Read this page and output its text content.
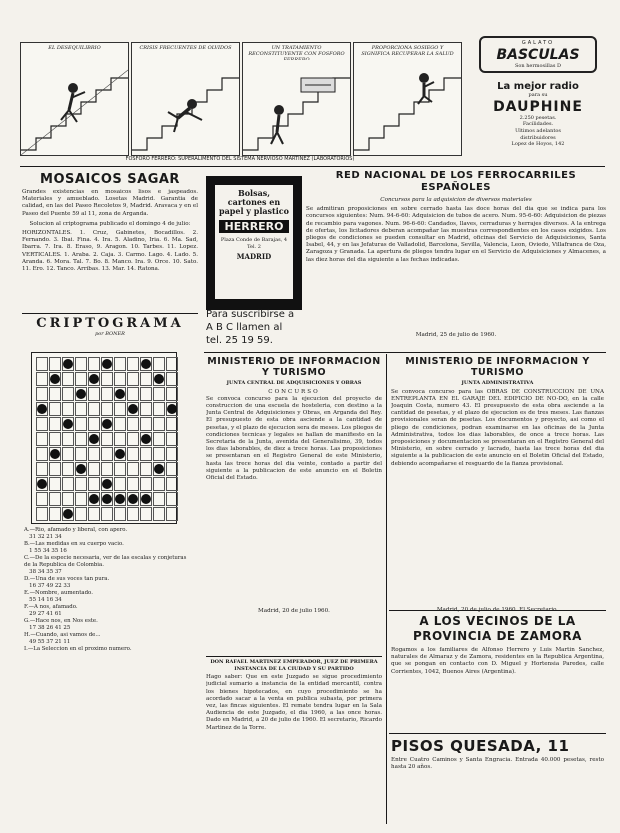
EL DESEQUILIBRIO	CRISIS FRECUENTES DE OLVIDOS	UN TRATAMIENTO RECONSTITUYENTE CON FOSFORO FERRERO
PROPORCIONA SOSIEGO Y SIGNIFICA RECUPERAR LA SALUD
FOSFORO FERRERO: SUPERALIMENTO DEL SISTEMA NERVIOSO MARTINEZ (LABORATORIOS)
GALATO
BASCULAS
Son hermosillas D
La mejor radio
para su
DAUPHINE
2.250 pesetas.
Facilidades.
Ultimos adelantos
distribuidores
Lopez de Hoyos, 142
MOSAICOS SAGAR
Grandes existencias en mosaicos lisos e jaspeados. Materiales y amueblado. Losetas Madrid. Garantia de calidad, en las del Paseo Recoletos 9, Madrid. Aravaca y en el Paseo del Puente 59 al 11, zona de Arganda.
Solucion al criptograma publicado el domingo 4 de julio:
HORIZONTALES. 1. Cruz, Gabinetes, Bocadillos. 2. Fernando. 3. Ibai. Fina. 4. Ira. 5. Aladino, Iria. 6. Ma. Sad, Ibarra. 7. Ira. 8. Eraso, 9. Aragon. 10. Tarbes. 11. Lopez. VERTICALES. 1. Araba. 2. Caja. 3. Carmo. Lago. 4. Lado. 5. Aranda. 6. Mora. Tal. 7. Bo. 8. Manco. Ira. 9. Orce. 10. Sato. 11. Ero. 12. Tanco. Arribas. 13. Mar. 14. Ratona.
CRIPTOGRAMA
por BONER
A.—Rio, afamado y liberal, con apero.
31 32 21 34
B.—Las medidas en su cuerpo vacio.
1 55 34 35 16
C.—De la especie necesaria, ver de las escalas y conjeturas de la Republica de Colombia.
38 34 35 37
D.—Una de sus voces tan pura.
16 37 49 22 33
E.—Nombre, aumentado.
55 14 16 34
F.—A nos, afamado.
29 27 41 61
G.—Hace nos, en Nos este.
17 38 26 41 25
H.—Cuando, asi vamos de...
49 55 37 21 11
I.—La Seleccion en el proximo numero.
Bolsas, cartones en papel y plastico
HERRERO
Plaza Conde de Barajas, 4
Tel. 2
MADRID
Para suscribirse a A B C llamen al tel. 25 19 59.
RED NACIONAL DE LOS FERROCARRILES ESPAÑOLES
Concursos para la adquisicion de diversos materiales
Se admitiran proposiciones en sobre cerrado hasta las doce horas del dia que se indica para los concursos siguientes: Num. 94-6-60: Adquisicion de tubos de acero. Num. 95-6-60: Adquisicion de piezas de recambio para vagones. Num. 96-6-60: Candados, llaves, cerraduras y herrajes diversos. A la entrega de ofertas, los licitadores deberan acompañar las muestras correspondientes en los casos exigidos. Los pliegos de condiciones se pueden consultar en Madrid, oficinas del Servicio de Adquisiciones, Santa Isabel, 44, y en las Jefaturas de Valladolid, Barcelona, Sevilla, Valencia, Leon, Oviedo, Villafranca de Oza, Zaragoza y Granada. La apertura de pliegos tendra lugar en el Servicio de Adquisiciones y Almacenes, a las diez horas del dia siguiente a las fechas indicadas.
Madrid, 25 de julio de 1960.
MINISTERIO DE INFORMACION Y TURISMO
JUNTA CENTRAL DE ADQUISICIONES Y OBRAS
CONCURSO
Se convoca concurso para la ejecucion del proyecto de construccion de una escuela de hosteleria, con destino a la Junta Central de Adquisiciones y Obras, en Arganda del Rey. El presupuesto de esta obra asciende a la cantidad de pesetas, y el plazo de ejecucion sera de meses. Los pliegos de condiciones tecnicas y legales se hallan de manifiesto en la Secretaria de la Junta, avenida del Generalisimo, 39, todos los dias laborables, de diez a trece horas. Las proposiciones se presentaran en el Registro General de este Ministerio, hasta las trece horas del dia veinte, contado a partir del siguiente a la publicacion de este anuncio en el Boletin Oficial del Estado.
Madrid, 20 de julio 1960.
DON RAFAEL MARTINEZ EMPERADOR, JUEZ DE PRIMERA INSTANCIA DE LA CIUDAD Y SU PARTIDO
Hago saber: Que en este Juzgado se sigue procedimiento judicial sumario a instancia de la entidad mercantil, contra los bienes hipotecados, en cuyo procedimiento se ha acordado sacar a la venta en publica subasta, por primera vez, las fincas siguientes. El remate tendra lugar en la Sala Audiencia de este Juzgado, el dia 1960, a las once horas. Dado en Madrid, a 20 de julio de 1960. El secretario, Ricardo Martinez de la Torre.
MINISTERIO DE INFORMACION Y TURISMO
JUNTA ADMINISTRATIVA
Se convoca concurso para las OBRAS DE CONSTRUCCION DE UNA ENTREPLANTA EN EL GARAJE DEL EDIFICIO DE NO-DO, en la calle Joaquin Costa, numero 43. El presupuesto de esta obra asciende a la cantidad de pesetas, y el plazo de ejecucion es de tres meses. Las fianzas provisionales seran de pesetas. Los documentos y proyecto, asi como el pliego de condiciones, podran examinarse en las oficinas de la Junta Administrativa, todos los dias laborables, de once a trece horas. Las proposiciones y documentacion se presentaran en el Registro General del Ministerio, en sobre cerrado y lacrado, hasta las trece horas del dia siguiente a la publicacion de este anuncio en el Boletin Oficial del Estado, debiendo acompañarse el resguardo de la fianza provisional.
A LOS VECINOS DE LA PROVINCIA DE ZAMORA
Rogamos a los familiares de Alfonso Herrero y Luis Martin Sanchez, naturales de Almaraz y de Zamora, residentes en la Republica Argentina, que se pongan en contacto con D. Miguel y Hortensia Paredes, calle Corrientes, 1042, Buenos Aires (Argentina).
PISOS QUESADA, 11
Entre Cuatro Caminos y Santa Engracia. Entrada 40.000 pesetas, resto hasta 20 años.
